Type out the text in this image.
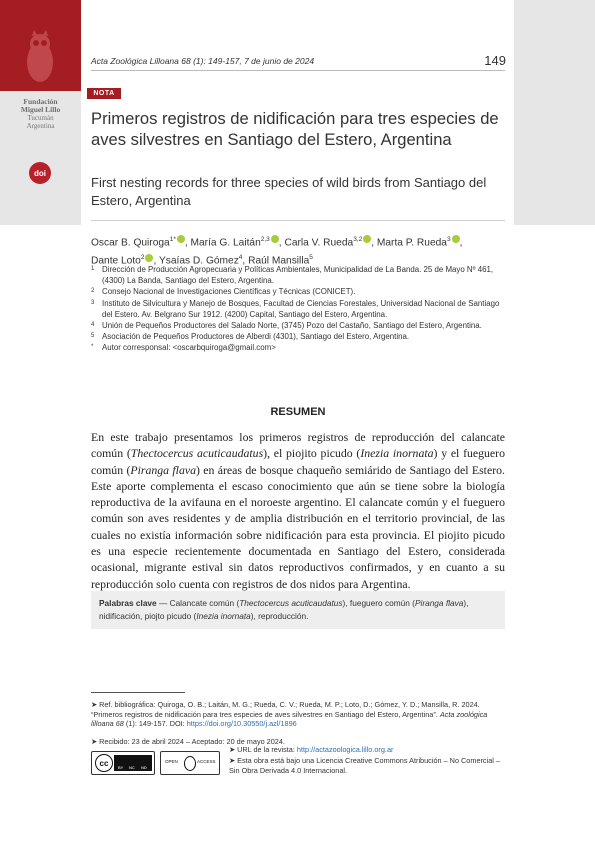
Fundación
Miguel Lillo
Tucumán
Argentina
doi
Acta Zoológica Lilloana 68 (1): 149-157, 7 de junio de 2024	149
NOTA
Primeros registros de nidificación para tres especies de aves silvestres en Santiago del Estero, Argentina
First nesting records for three species of wild birds from Santiago del Estero, Argentina
Oscar B. Quiroga$^{1*}$ , María G. Laitán$^{2,3}$ , Carla V. Rueda$^{3,2}$ , Marta P. Rueda$^3$ ,
Dante Loto$^2$ , Ysaías D. Gómez$^4$, Raúl Mansilla$^5$
1 Dirección de Producción Agropecuaria y Políticas Ambientales, Municipalidad de La Banda. 25 de Mayo Nº 461, (4300) La Banda, Santiago del Estero, Argentina.
2 Consejo Nacional de Investigaciones Científicas y Técnicas (CONICET).
3 Instituto de Silvicultura y Manejo de Bosques, Facultad de Ciencias Forestales, Universidad Nacional de Santiago del Estero. Av. Belgrano Sur 1912. (4200) Capital, Santiago del Estero, Argentina.
4 Unión de Pequeños Productores del Salado Norte, (3745) Pozo del Castaño, Santiago del Estero, Argentina.
5 Asociación de Pequeños Productores de Alberdi (4301), Santiago del Estero, Argentina.
* Autor corresponsal: <oscarbquiroga@gmail.com>
RESUMEN
En este trabajo presentamos los primeros registros de reproducción del calancate común (Thectocercus acuticaudatus), el piojito picudo (Inezia inornata) y el fueguero común (Piranga flava) en áreas de bosque chaqueño semiárido de Santiago del Estero. Este aporte complementa el escaso conocimiento que aún se tiene sobre la biología reproductiva de la avifauna en el noroeste argentino. El calancate común y el fueguero común son aves residentes y de amplia distribución en el territorio provincial, de las cuales no existía información sobre nidificación para esta provincia. El piojito picudo es una especie recientemente documentada en Santiago del Estero, considerada ocasional, migrante estival sin datos reproductivos confirmados, y en cuanto a su reproducción solo cuenta con registros de dos nidos para Argentina.
Palabras clave — Calancate común (Thectocercus acuticaudatus), fueguero común (Piranga flava), nidificación, piojto picudo (Inezia inornata), reproducción.
➤ Ref. bibliográfica: Quiroga, O. B.; Laitán, M. G.; Rueda, C. V.; Rueda, M. P.; Loto, D.; Gómez, Y. D.; Mansilla, R. 2024. “Primeros registros de nidificación para tres especies de aves silvestres en Santiago del Estero, Argentina”. Acta zoológica lilloana 68 (1): 149-157. DOI: https://doi.org/10.30550/j.azl/1896
➤ Recibido: 23 de abril 2024 – Aceptado: 20 de mayo 2024.
cc	BY NC ND
OPEN	ACCESS
➤ URL de la revista: http://actazoologica.lillo.org.ar
➤ Esta obra está bajo una Licencia Creative Commons Atribución – No Comercial – Sin Obra Derivada 4.0 Internacional.
